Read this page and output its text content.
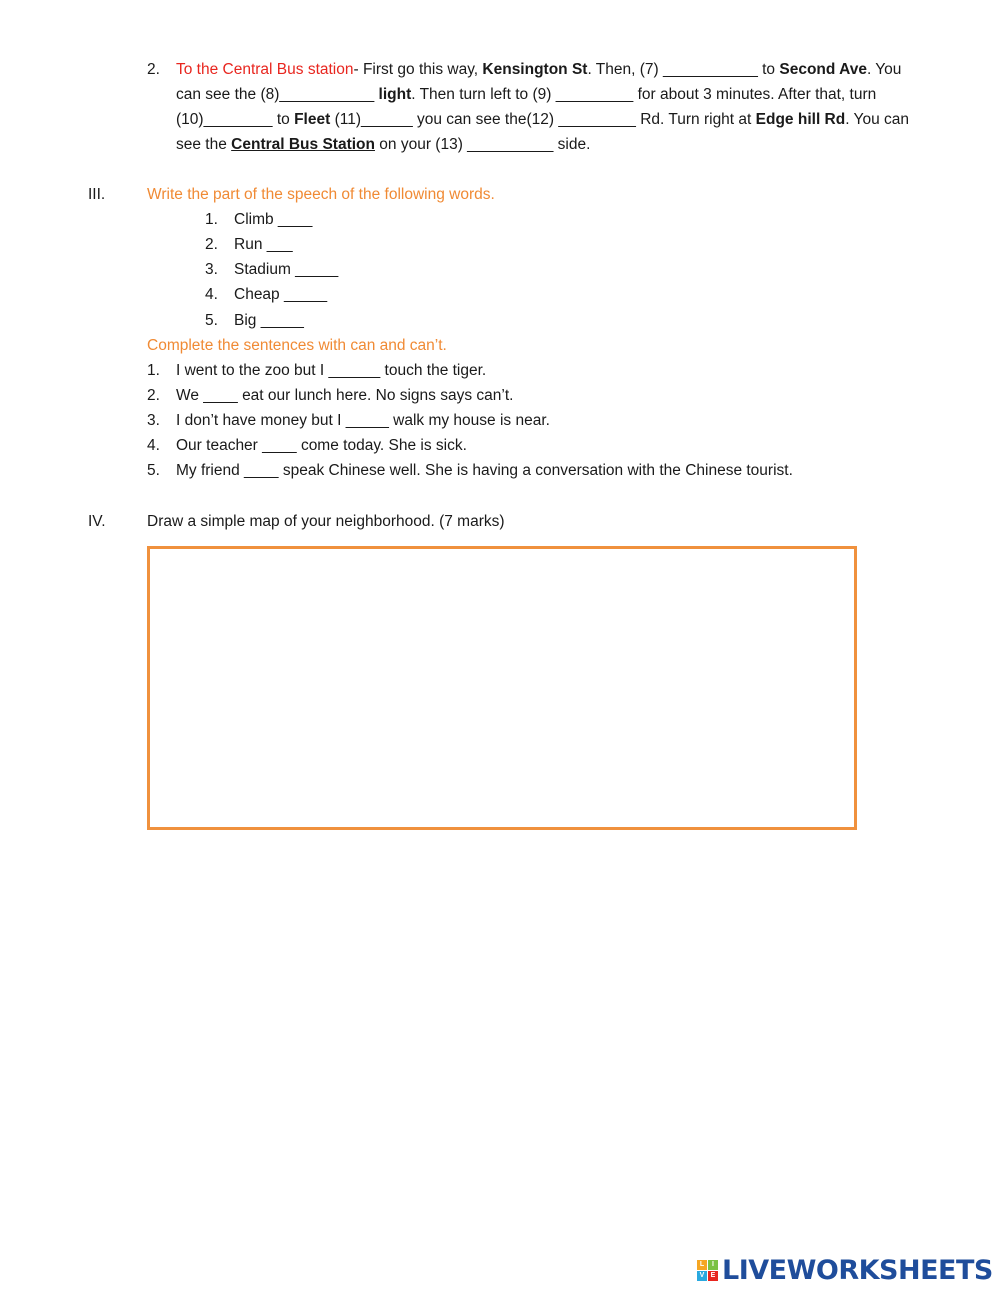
2. To the Central Bus station- First go this way, Kensington St. Then, (7) ___________ to Second Ave. You
can see the (8)___________ light. Then turn left to (9) _________ for about 3 minutes. After that, turn
(10)________ to Fleet (11)______ you can see the(12) _________ Rd. Turn right at Edge hill Rd. You can
see the Central Bus Station on your (13) __________ side.
III.	Write the part of the speech of the following words.
1. Climb ____
2. Run ___
3. Stadium _____
4. Cheap _____
5. Big _____
Complete the sentences with can and can’t.
1. I went to the zoo but I ______ touch the tiger.
2. We ____ eat our lunch here. No signs says can’t.
3. I don’t have money but I _____ walk my house is near.
4. Our teacher ____ come today. She is sick.
5. My friend ____ speak Chinese well. She is having a conversation with the Chinese tourist.
IV.	Draw a simple map of your neighborhood. (7 marks)
L	I
V E LIVEWORKSHEETS
